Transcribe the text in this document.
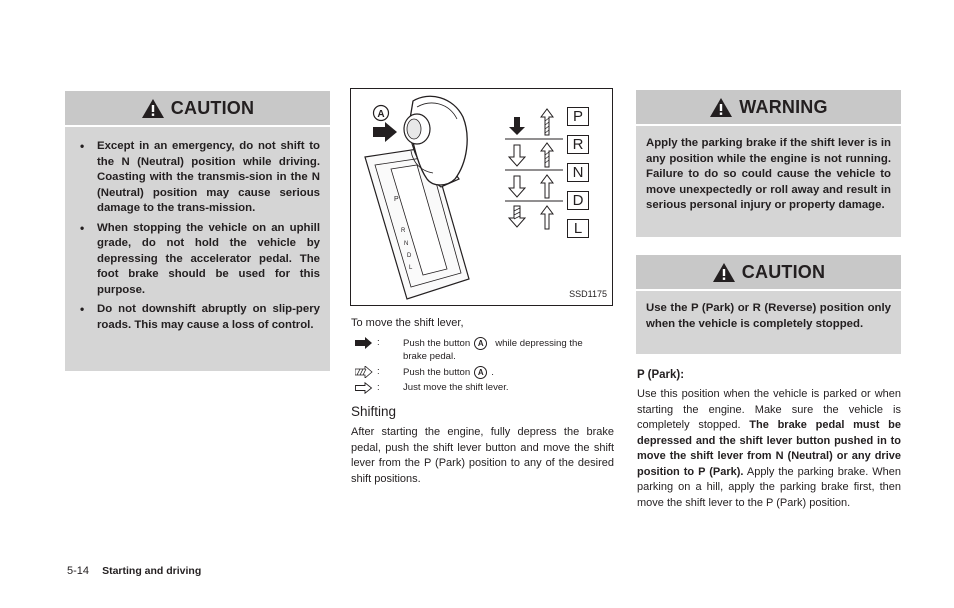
CAUTION
• Except in an emergency, do not shift to the N (Neutral) position while driving. Coasting with the transmis-sion in the N (Neutral) position may cause serious damage to the trans-mission.
• When stopping the vehicle on an uphill grade, do not hold the vehicle by depressing the accelerator pedal. The foot brake should be used for this purpose.
• Do not downshift abruptly on slip-pery roads. This may cause a loss of control.
P
R
N
D
L
A	P
R
N
D
L
SSD1175
To move the shift lever,
:	Push the button A while depressing the
brake pedal.
:	Push the button A .
:	Just move the shift lever.
Shifting
After starting the engine, fully depress the brake pedal, push the shift lever button and move the shift lever from the P (Park) position to any of the desired shift positions.
WARNING
Apply the parking brake if the shift lever is in any position while the engine is not running. Failure to do so could cause the vehicle to move unexpectedly or roll away and result in serious personal injury or property damage.
CAUTION
Use the P (Park) or R (Reverse) position only when the vehicle is completely stopped.
P (Park):
Use this position when the vehicle is parked or when starting the engine. Make sure the vehicle is completely stopped. The brake pedal must be depressed and the shift lever button pushed in to move the shift lever from N (Neutral) or any drive position to P (Park). Apply the parking brake. When parking on a hill, apply the parking brake first, then move the shift lever to the P (Park) position.
5-14 Starting and driving
